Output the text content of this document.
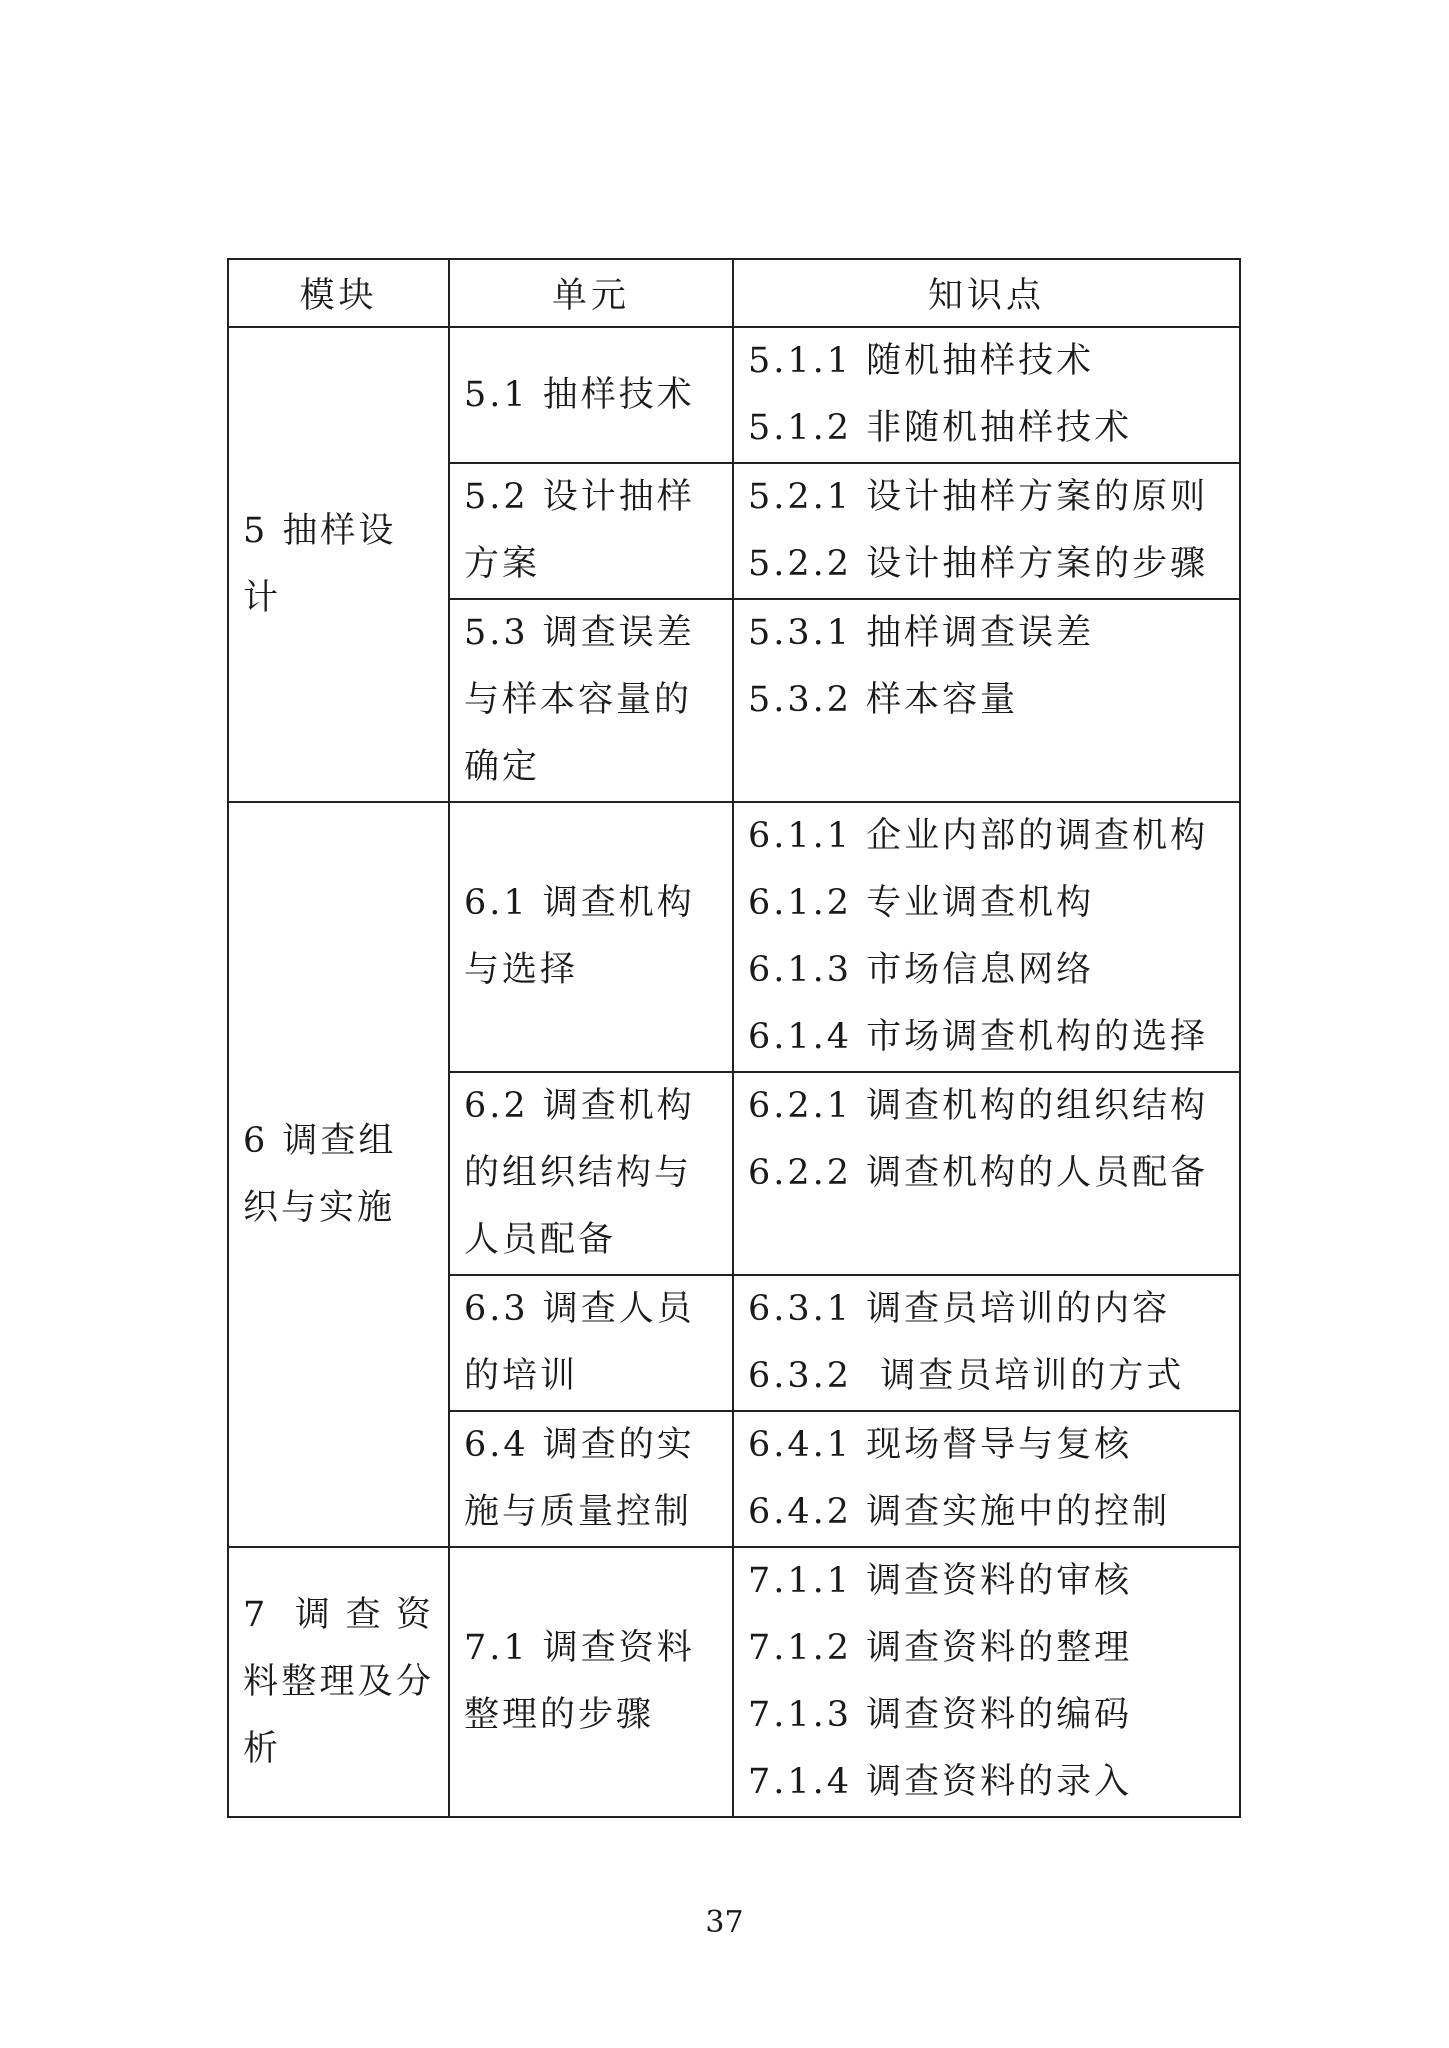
模块	单元	知识点

5 抽样设计	5.1 抽样技术	5.1.1 随机抽样技术
5.1.2 非随机抽样技术

	5.2 设计抽样方案	5.2.1 设计抽样方案的原则
5.2.2 设计抽样方案的步骤

	5.3 调查误差与样本容量的确定	5.3.1 抽样调查误差
5.3.2 样本容量

6 调查组织与实施	6.1 调查机构与选择	6.1.1 企业内部的调查机构
6.1.2 专业调查机构
6.1.3 市场信息网络
6.1.4 市场调查机构的选择

	6.2 调查机构的组织结构与人员配备	6.2.1 调查机构的组织结构
6.2.2 调查机构的人员配备

	6.3 调查人员的培训	6.3.1 调查员培训的内容
6.3.2  调查员培训的方式

	6.4 调查的实施与质量控制	6.4.1 现场督导与复核
6.4.2 调查实施中的控制

7 调查资料整理及分析	7.1 调查资料整理的步骤	7.1.1 调查资料的审核
7.1.2 调查资料的整理
7.1.3 调查资料的编码
7.1.4 调查资料的录入
37
